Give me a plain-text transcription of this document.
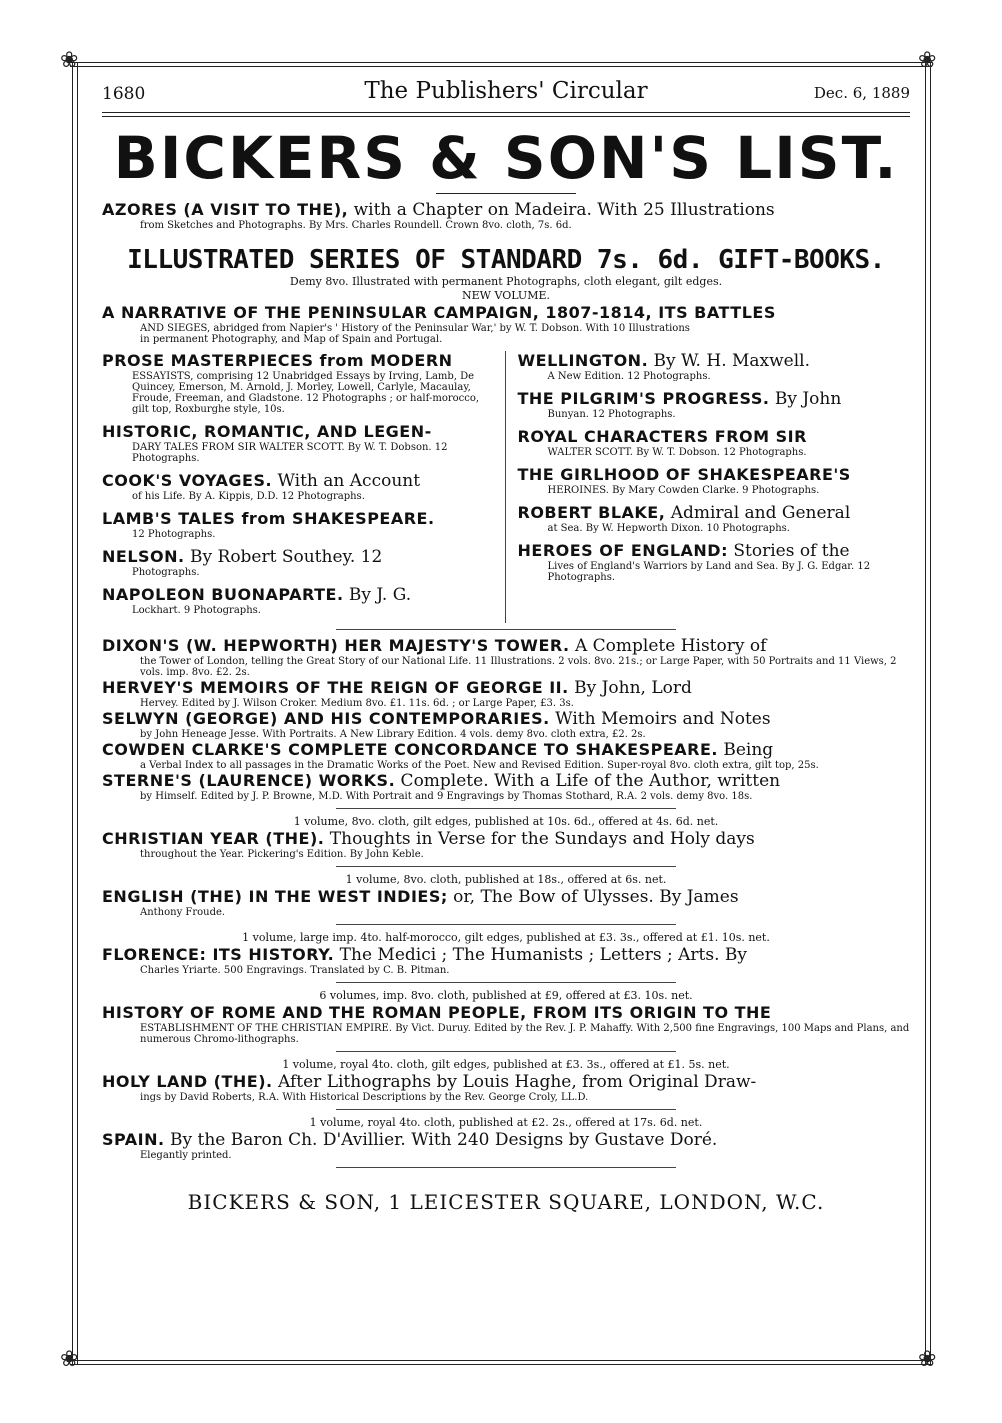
❀	❀
❀	❀
1680	The Publishers' Circular	Dec. 6, 1889
BICKERS & SON'S LIST.
AZORES (A VISIT TO THE), with a Chapter on Madeira. With 25 Illustrations
from Sketches and Photographs. By Mrs. Charles Roundell. Crown 8vo. cloth, 7s. 6d.
ILLUSTRATED SERIES OF STANDARD 7s. 6d. GIFT-BOOKS.
Demy 8vo. Illustrated with permanent Photographs, cloth elegant, gilt edges.
NEW VOLUME.
A NARRATIVE OF THE PENINSULAR CAMPAIGN, 1807-1814, ITS BATTLES
AND SIEGES, abridged from Napier's ' History of the Peninsular War,' by W. T. Dobson. With 10 Illustrations
in permanent Photography, and Map of Spain and Portugal.
PROSE MASTERPIECES from MODERN
ESSAYISTS, comprising 12 Unabridged Essays by Irving, Lamb, De Quincey, Emerson, M. Arnold, J. Morley, Lowell, Carlyle, Macaulay, Froude, Freeman, and Gladstone. 12 Photographs ; or half-morocco, gilt top, Roxburghe style, 10s.
HISTORIC, ROMANTIC, AND LEGEN-
DARY TALES FROM SIR WALTER SCOTT. By W. T. Dobson. 12 Photographs.
COOK'S VOYAGES. With an Account
of his Life. By A. Kippis, D.D. 12 Photographs.
LAMB'S TALES from SHAKESPEARE.
12 Photographs.
NELSON. By Robert Southey. 12
Photographs.
NAPOLEON BUONAPARTE. By J. G.
Lockhart. 9 Photographs.
WELLINGTON. By W. H. Maxwell.
A New Edition. 12 Photographs.
THE PILGRIM'S PROGRESS. By John
Bunyan. 12 Photographs.
ROYAL CHARACTERS FROM SIR
WALTER SCOTT. By W. T. Dobson. 12 Photographs.
THE GIRLHOOD OF SHAKESPEARE'S
HEROINES. By Mary Cowden Clarke. 9 Photographs.
ROBERT BLAKE, Admiral and General
at Sea. By W. Hepworth Dixon. 10 Photographs.
HEROES OF ENGLAND: Stories of the
Lives of England's Warriors by Land and Sea. By J. G. Edgar. 12 Photographs.
DIXON'S (W. HEPWORTH) HER MAJESTY'S TOWER. A Complete History of
the Tower of London, telling the Great Story of our National Life. 11 Illustrations. 2 vols. 8vo. 21s.; or Large Paper, with 50 Portraits and 11 Views, 2 vols. imp. 8vo. £2. 2s.
HERVEY'S MEMOIRS OF THE REIGN OF GEORGE II. By John, Lord
Hervey. Edited by J. Wilson Croker. Medium 8vo. £1. 11s. 6d. ; or Large Paper, £3. 3s.
SELWYN (GEORGE) AND HIS CONTEMPORARIES. With Memoirs and Notes
by John Heneage Jesse. With Portraits. A New Library Edition. 4 vols. demy 8vo. cloth extra, £2. 2s.
COWDEN CLARKE'S COMPLETE CONCORDANCE TO SHAKESPEARE. Being
a Verbal Index to all passages in the Dramatic Works of the Poet. New and Revised Edition. Super-royal 8vo. cloth extra, gilt top, 25s.
STERNE'S (LAURENCE) WORKS. Complete. With a Life of the Author, written
by Himself. Edited by J. P. Browne, M.D. With Portrait and 9 Engravings by Thomas Stothard, R.A. 2 vols. demy 8vo. 18s.
1 volume, 8vo. cloth, gilt edges, published at 10s. 6d., offered at 4s. 6d. net.
CHRISTIAN YEAR (THE). Thoughts in Verse for the Sundays and Holy days
throughout the Year. Pickering's Edition. By John Keble.
1 volume, 8vo. cloth, published at 18s., offered at 6s. net.
ENGLISH (THE) IN THE WEST INDIES; or, The Bow of Ulysses. By James
Anthony Froude.
1 volume, large imp. 4to. half-morocco, gilt edges, published at £3. 3s., offered at £1. 10s. net.
FLORENCE: ITS HISTORY. The Medici ; The Humanists ; Letters ; Arts. By
Charles Yriarte. 500 Engravings. Translated by C. B. Pitman.
6 volumes, imp. 8vo. cloth, published at £9, offered at £3. 10s. net.
HISTORY OF ROME AND THE ROMAN PEOPLE, FROM ITS ORIGIN TO THE
ESTABLISHMENT OF THE CHRISTIAN EMPIRE. By Vict. Duruy. Edited by the Rev. J. P. Mahaffy. With 2,500 fine Engravings, 100 Maps and Plans, and numerous Chromo-lithographs.
1 volume, royal 4to. cloth, gilt edges, published at £3. 3s., offered at £1. 5s. net.
HOLY LAND (THE). After Lithographs by Louis Haghe, from Original Draw-
ings by David Roberts, R.A. With Historical Descriptions by the Rev. George Croly, LL.D.
1 volume, royal 4to. cloth, published at £2. 2s., offered at 17s. 6d. net.
SPAIN. By the Baron Ch. D'Avillier. With 240 Designs by Gustave Doré.
Elegantly printed.
BICKERS & SON, 1 LEICESTER SQUARE, LONDON, W.C.
